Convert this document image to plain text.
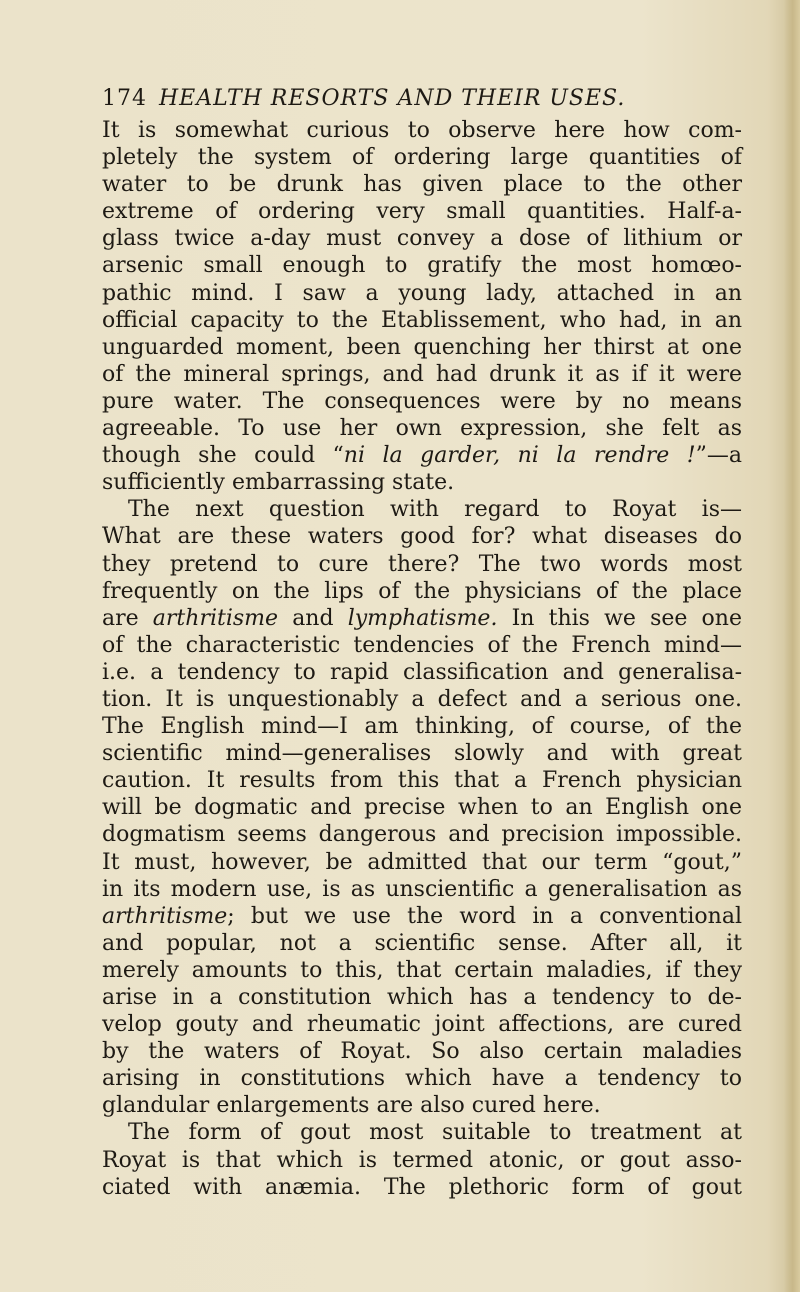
174 HEALTH RESORTS AND THEIR USES.

It is somewhat curious to observe here how com-
pletely the system of ordering large quantities of
water to be drunk has given place to the other
extreme of ordering very small quantities. Half-a-
glass twice a-day must convey a dose of lithium or
arsenic small enough to gratify the most homœo-
pathic mind. I saw a young lady, attached in an
official capacity to the Etablissement, who had, in an
unguarded moment, been quenching her thirst at one
of the mineral springs, and had drunk it as if it were
pure water. The consequences were by no means
agreeable. To use her own expression, she felt as
though she could “ni la garder, ni la rendre !”—a
sufficiently embarrassing state.

The next question with regard to Royat is—
What are these waters good for? what diseases do
they pretend to cure there? The two words most
frequently on the lips of the physicians of the place
are arthritisme and lymphatisme. In this we see one
of the characteristic tendencies of the French mind—
i.e. a tendency to rapid classification and generalisa-
tion. It is unquestionably a defect and a serious one.
The English mind—I am thinking, of course, of the
scientific mind—generalises slowly and with great
caution. It results from this that a French physician
will be dogmatic and precise when to an English one
dogmatism seems dangerous and precision impossible.
It must, however, be admitted that our term “gout,”
in its modern use, is as unscientific a generalisation as
arthritisme; but we use the word in a conventional
and popular, not a scientific sense. After all, it
merely amounts to this, that certain maladies, if they
arise in a constitution which has a tendency to de-
velop gouty and rheumatic joint affections, are cured
by the waters of Royat. So also certain maladies
arising in constitutions which have a tendency to
glandular enlargements are also cured here.

The form of gout most suitable to treatment at
Royat is that which is termed atonic, or gout asso-
ciated with anæmia. The plethoric form of gout
